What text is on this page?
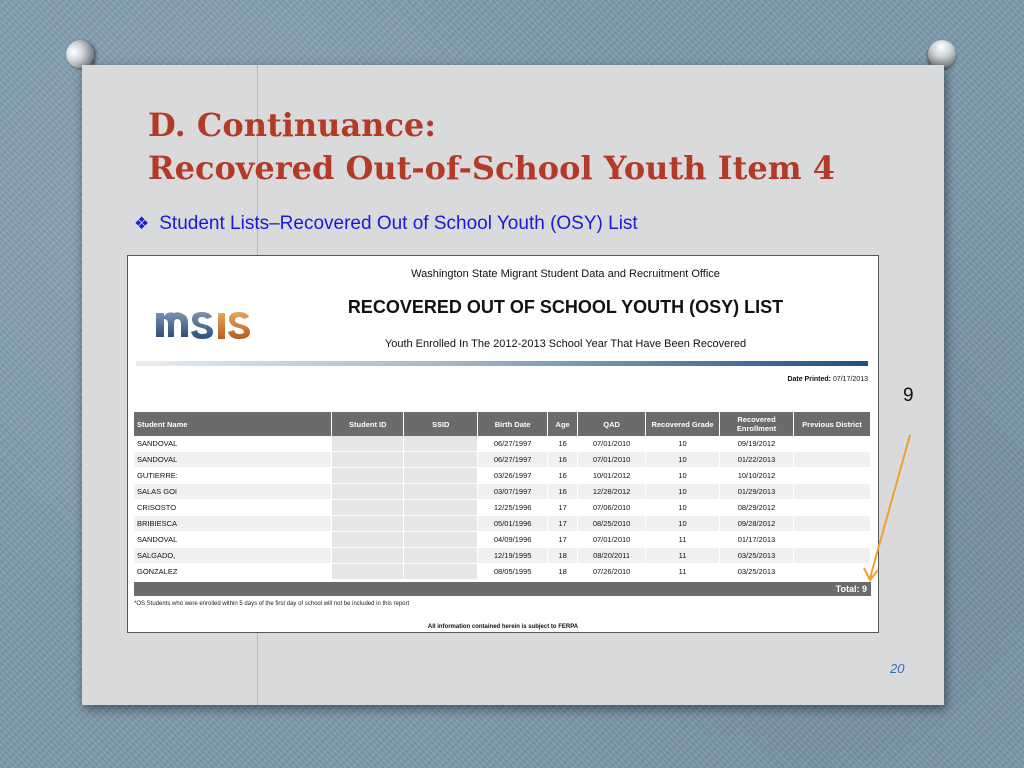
D. Continuance:
Recovered Out-of-School Youth Item 4
❖ Student Lists–Recovered Out of School Youth (OSY) List
Washington State Migrant Student Data and Recruitment Office
RECOVERED OUT OF SCHOOL YOUTH (OSY) LIST
Youth Enrolled In The 2012-2013 School Year That Have Been Recovered
Date Printed: 07/17/2013
Student Name	Student ID	SSID	Birth Date	Age	QAD	Recovered Grade	Recovered Enrollment	Previous District
SANDOVAL			06/27/1997	16	07/01/2010	10	09/19/2012	
SANDOVAL			06/27/1997	16	07/01/2010	10	01/22/2013	
GUTIERRE:			03/26/1997	16	10/01/2012	10	10/10/2012	
SALAS GOI			03/07/1997	16	12/28/2012	10	01/29/2013	
CRISOSTO			12/25/1996	17	07/06/2010	10	08/29/2012	
BRIBIESCA			05/01/1996	17	08/25/2010	10	09/28/2012	
SANDOVAL			04/09/1996	17	07/01/2010	11	01/17/2013	
SALGADO,			12/19/1995	18	08/20/2011	11	03/25/2013	
GONZALEZ			08/05/1995	18	07/26/2010	11	03/25/2013	
Total: 9
*OS Students who were enrolled within 5 days of the first day of school will not be included in this report
All information contained herein is subject to FERPA
9
20
